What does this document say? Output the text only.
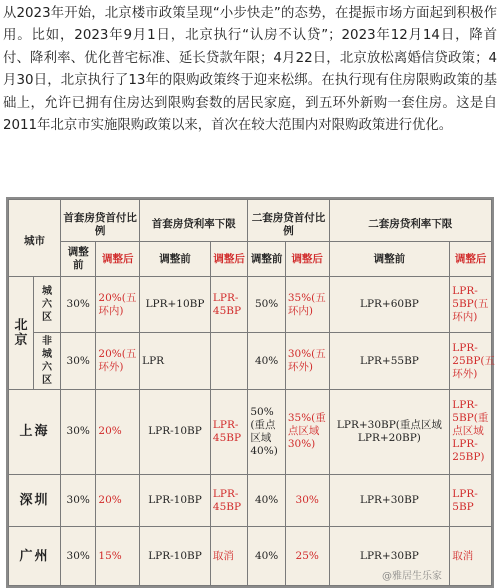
从2023年开始，北京楼市政策呈现“小步快走”的态势，在提振市场方面起到积极作用。比如，2023年9月1日，北京执行“认房不认贷”；2023年12月14日，降首付、降利率、优化普宅标准、延长贷款年限；4月22日，北京放松离婚信贷政策；4月30日，北京执行了13年的限购政策终于迎来松绑。在执行现有住房限购政策的基础上，允许已拥有住房达到限购套数的居民家庭，到五环外新购一套住房。这是自2011年北京市实施限购政策以来，首次在较大范围内对限购政策进行优化。

城市		首套房贷首付比例		首套房贷利率下限		二套房贷首付比例		二套房贷利率下限	
		调整前	调整后	调整前	调整后	调整前	调整后	调整前	调整后
北京	城六区	30%	20%(五环内)	LPR+10BP	LPR-45BP	50%	35%(五环内)	LPR+60BP	LPR-5BP(五环内)
	非城六区	30%	20%(五环外)	LPR		40%	30%(五环外)	LPR+55BP	LPR-25BP(五环外)
上海		30%	20%	LPR-10BP	LPR-45BP	50%(重点区域40%)	35%(重点区域30%)	LPR+30BP(重点区域LPR+20BP)	LPR-5BP(重点区域LPR-25BP)
深圳		30%	20%	LPR-10BP	LPR-45BP	40%	30%	LPR+30BP	LPR-5BP
广州		30%	15%	LPR-10BP	取消	40%	25%	LPR+30BP	取消
@雅居生乐家
